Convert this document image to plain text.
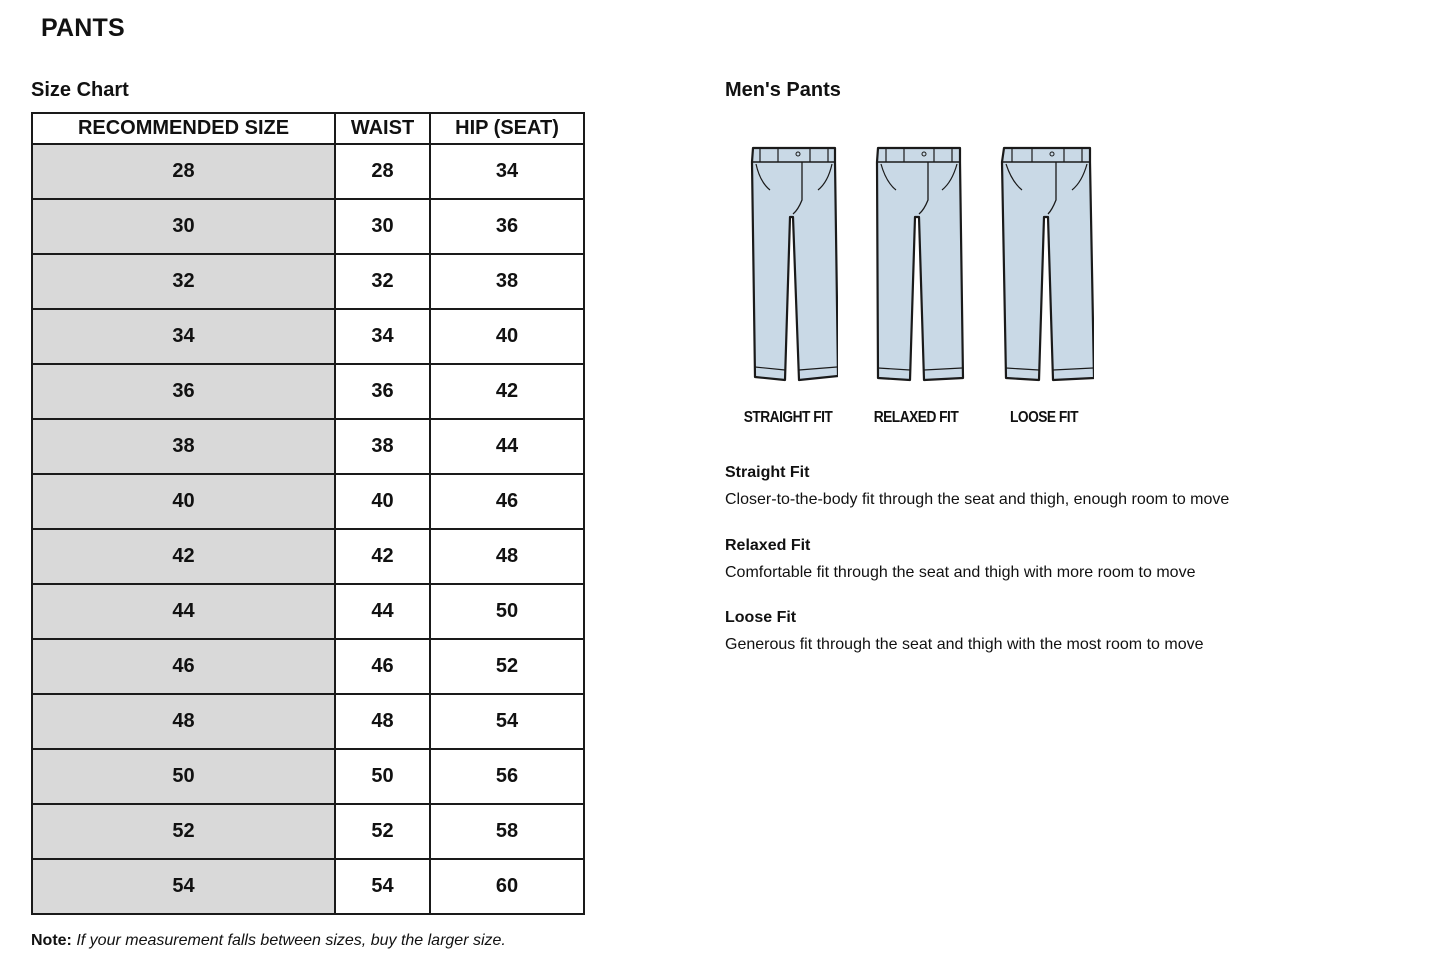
PANTS
Size Chart
RECOMMENDED SIZE	WAIST	HIP (SEAT)
28	28	34
30	30	36
32	32	38
34	34	40
36	36	42
38	38	44
40	40	46
42	42	48
44	44	50
46	46	52
48	48	54
50	50	56
52	52	58
54	54	60
Note: If your measurement falls between sizes, buy the larger size.
Men's Pants
STRAIGHT FIT	RELAXED FIT	LOOSE FIT
Straight Fit
Closer-to-the-body fit through the seat and thigh, enough room to move
Relaxed Fit
Comfortable fit through the seat and thigh with more room to move
Loose Fit
Generous fit through the seat and thigh with the most room to move
